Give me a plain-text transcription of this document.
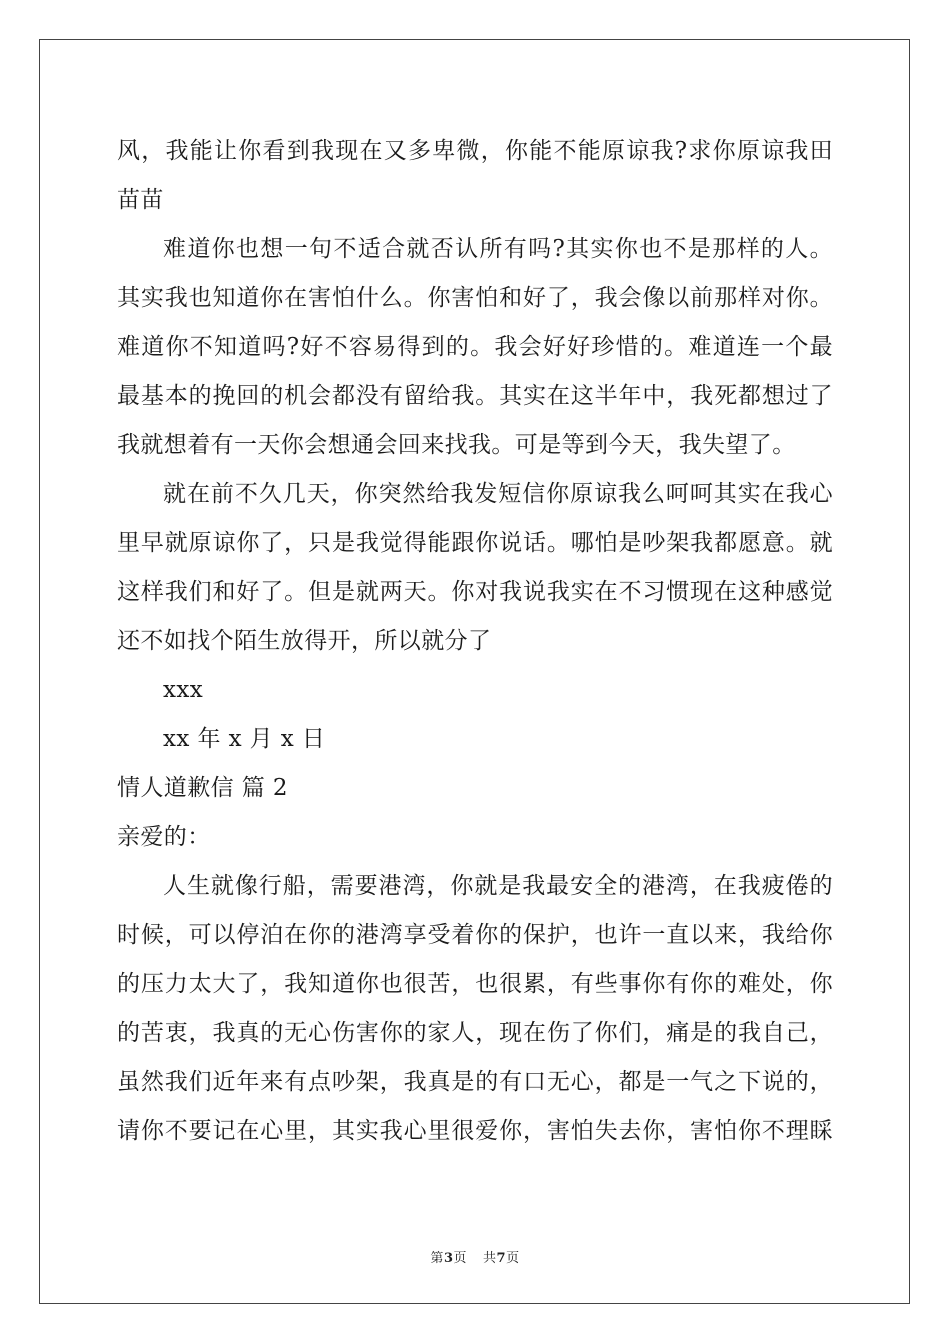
风，我能让你看到我现在又多卑微，你能不能原谅我?求你原谅我田
苗苗
难道你也想一句不适合就否认所有吗?其实你也不是那样的人。
其实我也知道你在害怕什么。你害怕和好了，我会像以前那样对你。
难道你不知道吗?好不容易得到的。我会好好珍惜的。难道连一个最
最基本的挽回的机会都没有留给我。其实在这半年中，我死都想过了
我就想着有一天你会想通会回来找我。可是等到今天，我失望了。
就在前不久几天，你突然给我发短信你原谅我么呵呵其实在我心
里早就原谅你了，只是我觉得能跟你说话。哪怕是吵架我都愿意。就
这样我们和好了。但是就两天。你对我说我实在不习惯现在这种感觉
还不如找个陌生放得开，所以就分了
xxx
xx 年 x 月 x 日
情人道歉信 篇 2
亲爱的：
人生就像行船，需要港湾，你就是我最安全的港湾，在我疲倦的
时候，可以停泊在你的港湾享受着你的保护，也许一直以来，我给你
的压力太大了，我知道你也很苦，也很累，有些事你有你的难处，你
的苦衷，我真的无心伤害你的家人，现在伤了你们，痛是的我自己，
虽然我们近年来有点吵架，我真是的有口无心，都是一气之下说的，
请你不要记在心里，其实我心里很爱你，害怕失去你，害怕你不理睬
第3页 共7页
